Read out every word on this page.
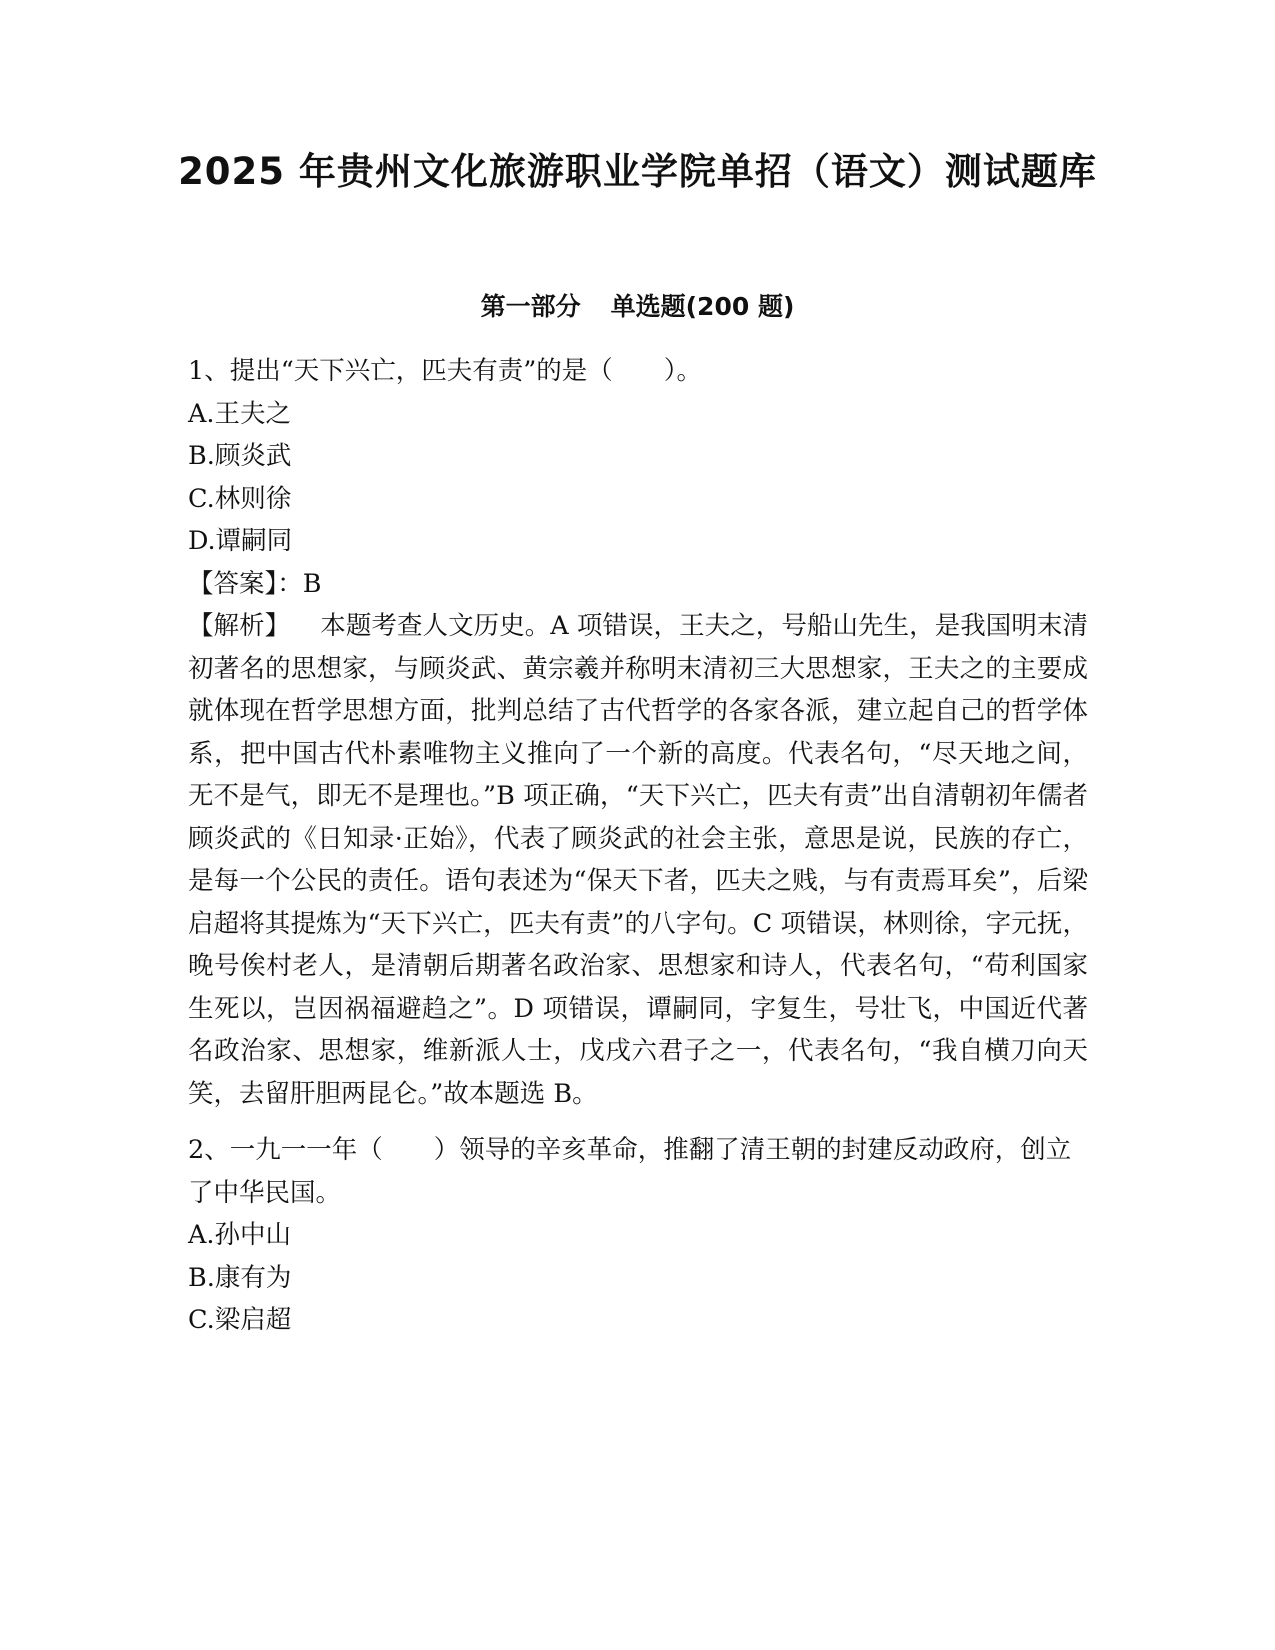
2025 年贵州文化旅游职业学院单招（语文）测试题库
第一部分 单选题(200 题)

1、提出“天下兴亡，匹夫有责”的是（　　）。

A.王夫之

B.顾炎武

C.林则徐

D.谭嗣同

【答案】：B

【解析】 本题考查人文历史。A 项错误，王夫之，号船山先生，是我国明末清初著名的思想家，与顾炎武、黄宗羲并称明末清初三大思想家，王夫之的主要成就体现在哲学思想方面，批判总结了古代哲学的各家各派，建立起自己的哲学体系，把中国古代朴素唯物主义推向了一个新的高度。代表名句，“尽天地之间，无不是气，即无不是理也。”B 项正确，“天下兴亡，匹夫有责”出自清朝初年儒者顾炎武的《日知录·正始》，代表了顾炎武的社会主张，意思是说，民族的存亡，是每一个公民的责任。语句表述为“保天下者，匹夫之贱，与有责焉耳矣”，后梁启超将其提炼为“天下兴亡，匹夫有责”的八字句。C 项错误，林则徐，字元抚，晚号俟村老人，是清朝后期著名政治家、思想家和诗人，代表名句，“苟利国家生死以，岂因祸福避趋之”。D 项错误，谭嗣同，字复生，号壮飞，中国近代著名政治家、思想家，维新派人士，戊戌六君子之一，代表名句，“我自横刀向天笑，去留肝胆两昆仑。”故本题选 B。

2、一九一一年（　　）领导的辛亥革命，推翻了清王朝的封建反动政府，创立了中华民国。

A.孙中山

B.康有为

C.梁启超
